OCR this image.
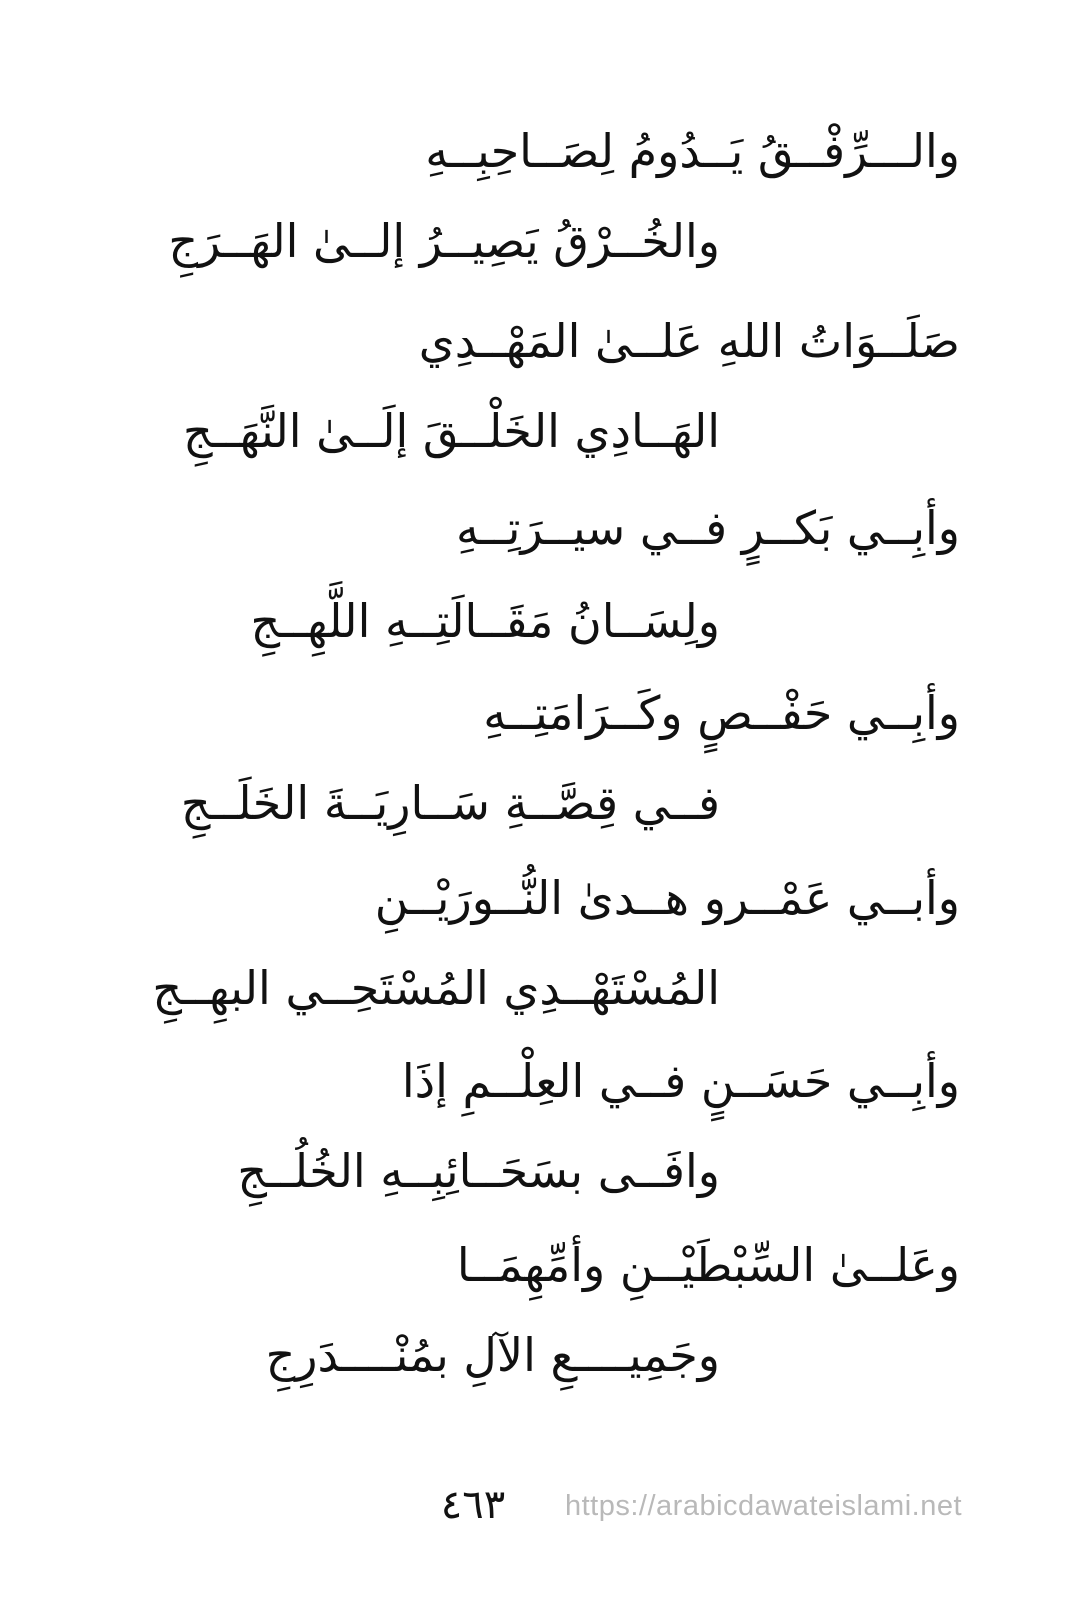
والـــرِّفْــقُ يَــدُومُ لِصَــاحِبِــهِ
والخُــرْقُ يَصِيــرُ إلــىٰ الهَــرَجِ
صَلَــوَاتُ اللهِ عَلــىٰ المَهْــدِي
الهَــادِي الخَلْــقَ إلَــىٰ النَّهَــجِ
وأبِــي بَكــرٍ فــي سيــرَتِــهِ
ولِسَــانُ مَقَــالَتِــهِ اللَّهِــجِ
وأبِــي حَفْــصٍ وكَــرَامَتِــهِ
فــي قِصَّــةِ سَــارِيَــةَ الخَلَــجِ
وأبــي عَمْــرو هــدىٰ النُّــورَيْــنِ
المُسْتَهْــدِي المُسْتَحِــي البهِــجِ
وأبِــي حَسَــنٍ فــي العِلْــمِ إذَا
وافَــى بسَحَــائِبِــهِ الخُلُــجِ
وعَلــىٰ السِّبْطَيْــنِ وأمِّهِمَــا
وجَمِيــــعِ الآلِ بمُنْــــدَرِجِ
٤٦٣	https://arabicdawateislami.net
